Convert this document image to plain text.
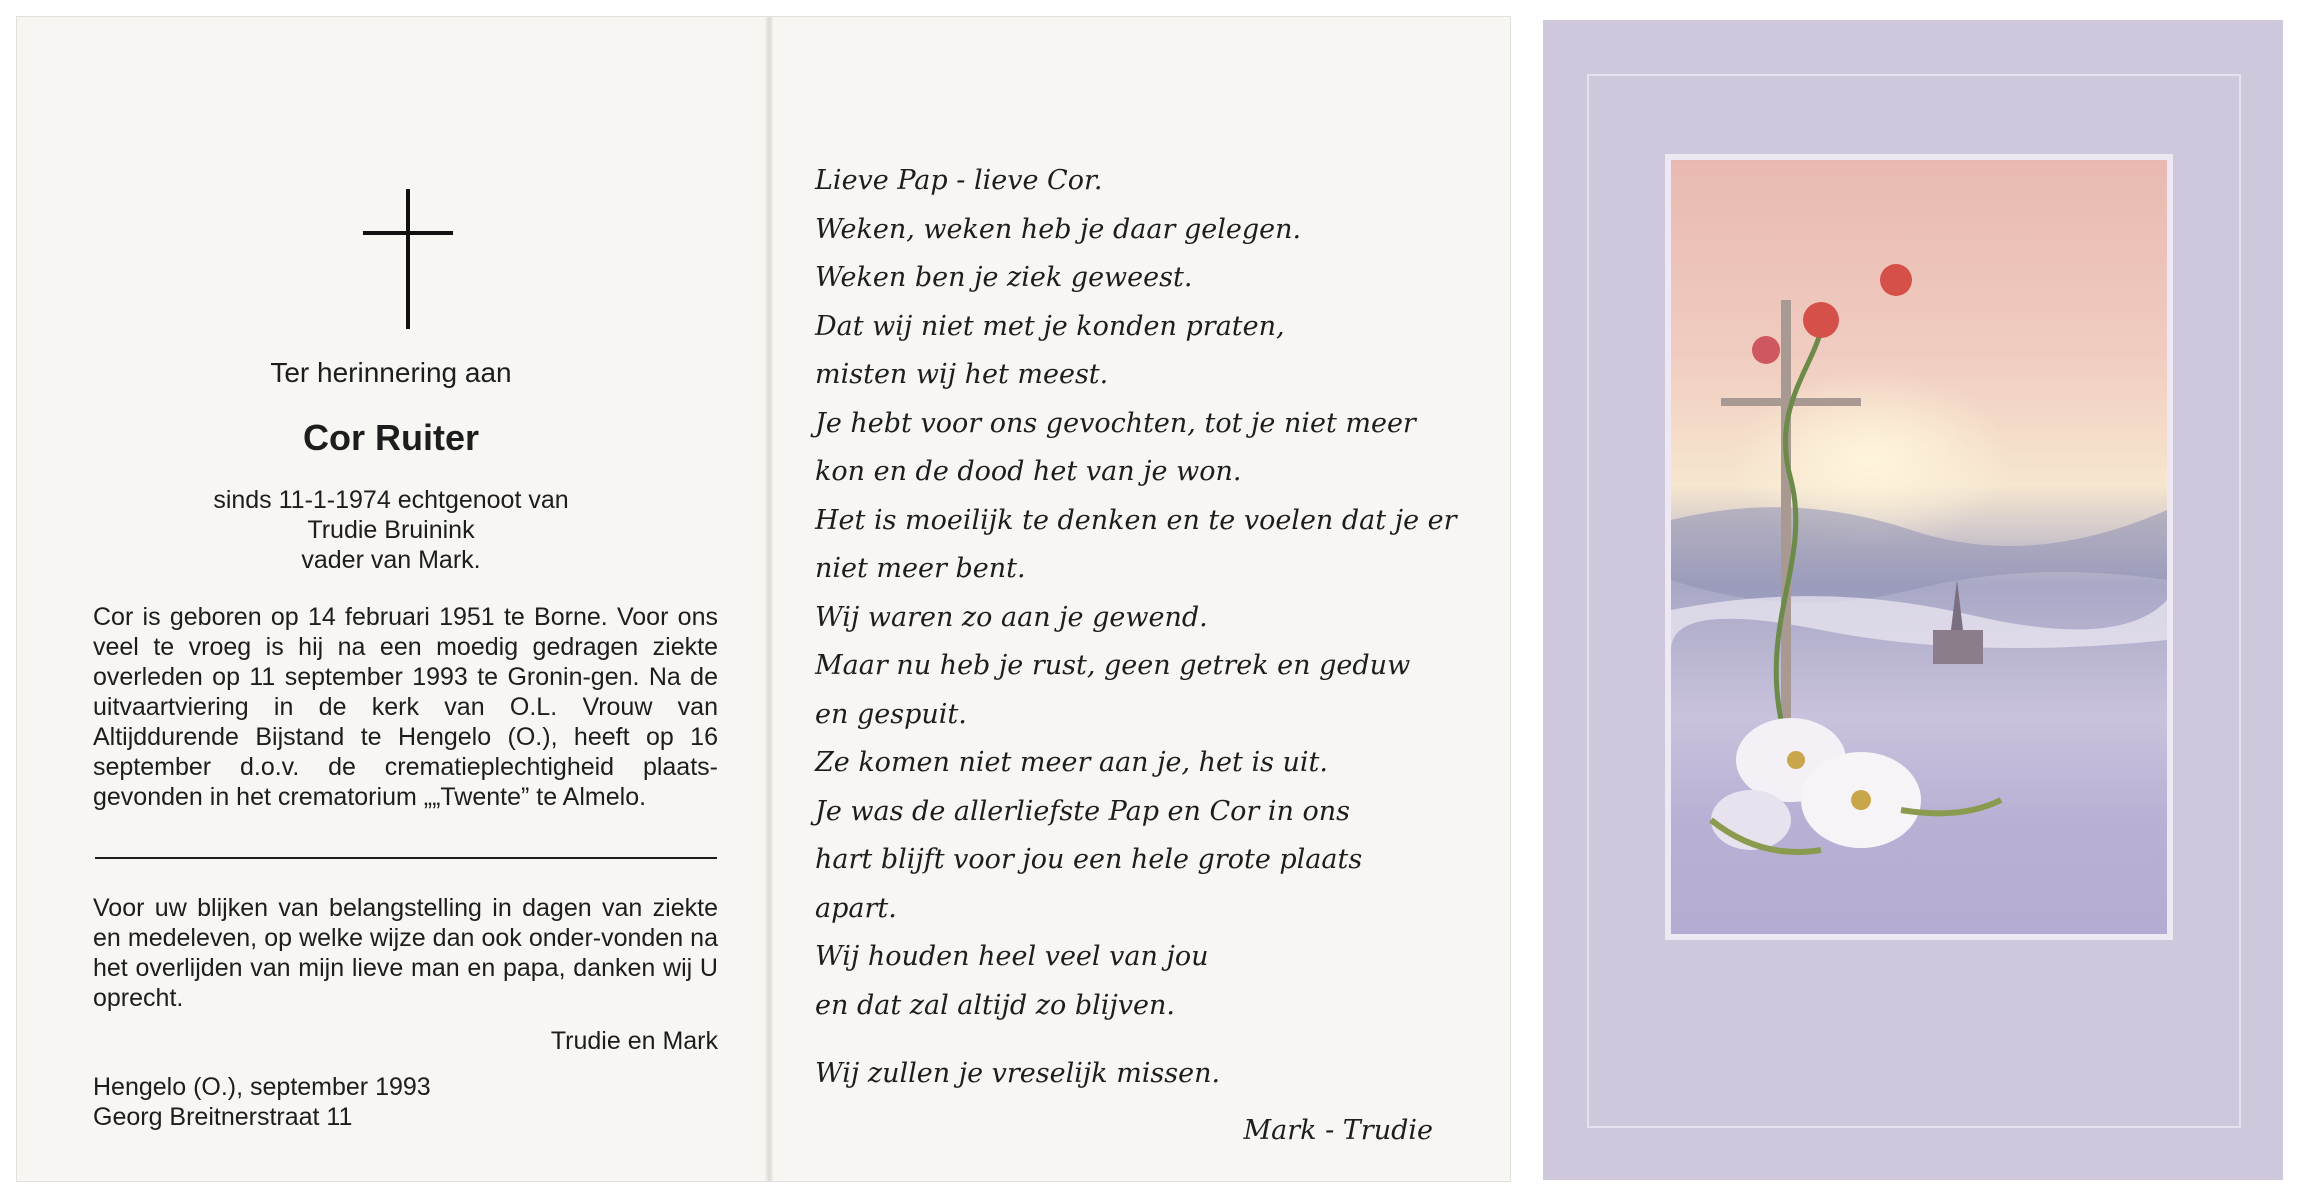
Ter herinnering aan
Cor Ruiter
sinds 11-1-1974 echtgenoot van
Trudie Bruinink
vader van Mark.
Cor is geboren op 14 februari 1951 te Borne. Voor ons veel te vroeg is hij na een moedig gedragen ziekte overleden op 11 september 1993 te Gronin-gen. Na de uitvaartviering in de kerk van O.L. Vrouw van Altijddurende Bijstand te Hengelo (O.), heeft op 16 september d.o.v. de crematieplechtigheid plaats-gevonden in het crematorium „„Twente” te Almelo.
Voor uw blijken van belangstelling in dagen van ziekte en medeleven, op welke wijze dan ook onder-vonden na het overlijden van mijn lieve man en papa, danken wij U oprecht.
Trudie en Mark
Hengelo (O.), september 1993
Georg Breitnerstraat 11
Lieve Pap - lieve Cor.
Weken, weken heb je daar gelegen.
Weken ben je ziek geweest.
Dat wij niet met je konden praten,
misten wij het meest.
Je hebt voor ons gevochten, tot je niet meer
kon en de dood het van je won.
Het is moeilijk te denken en te voelen dat je er
niet meer bent.
Wij waren zo aan je gewend.
Maar nu heb je rust, geen getrek en geduw
en gespuit.
Ze komen niet meer aan je, het is uit.
Je was de allerliefste Pap en Cor in ons
hart blijft voor jou een hele grote plaats
apart.
Wij houden heel veel van jou
en dat zal altijd zo blijven.
Wij zullen je vreselijk missen.
Mark - Trudie
